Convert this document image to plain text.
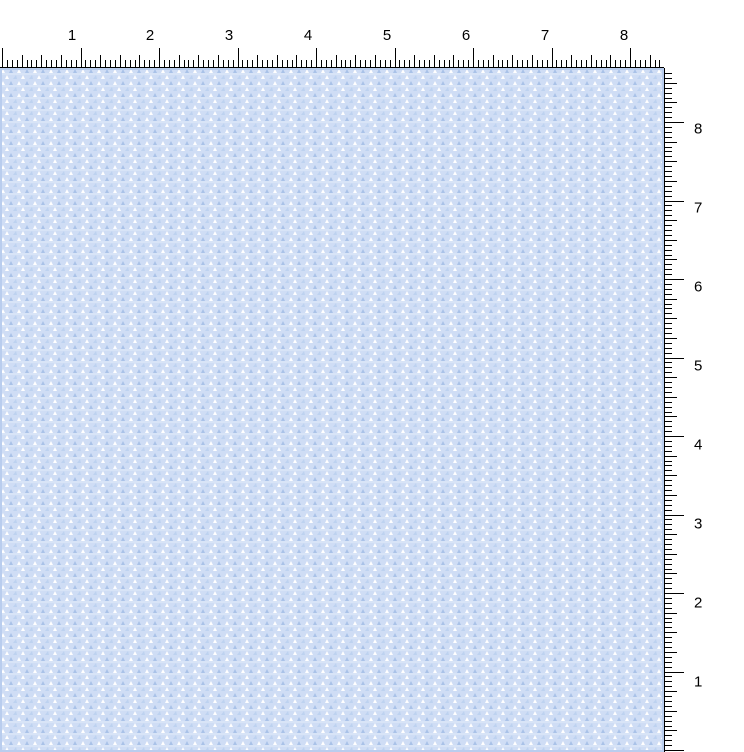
1	2	3	4	5	6	7	8
8
7
6
5
4
3
2
1
